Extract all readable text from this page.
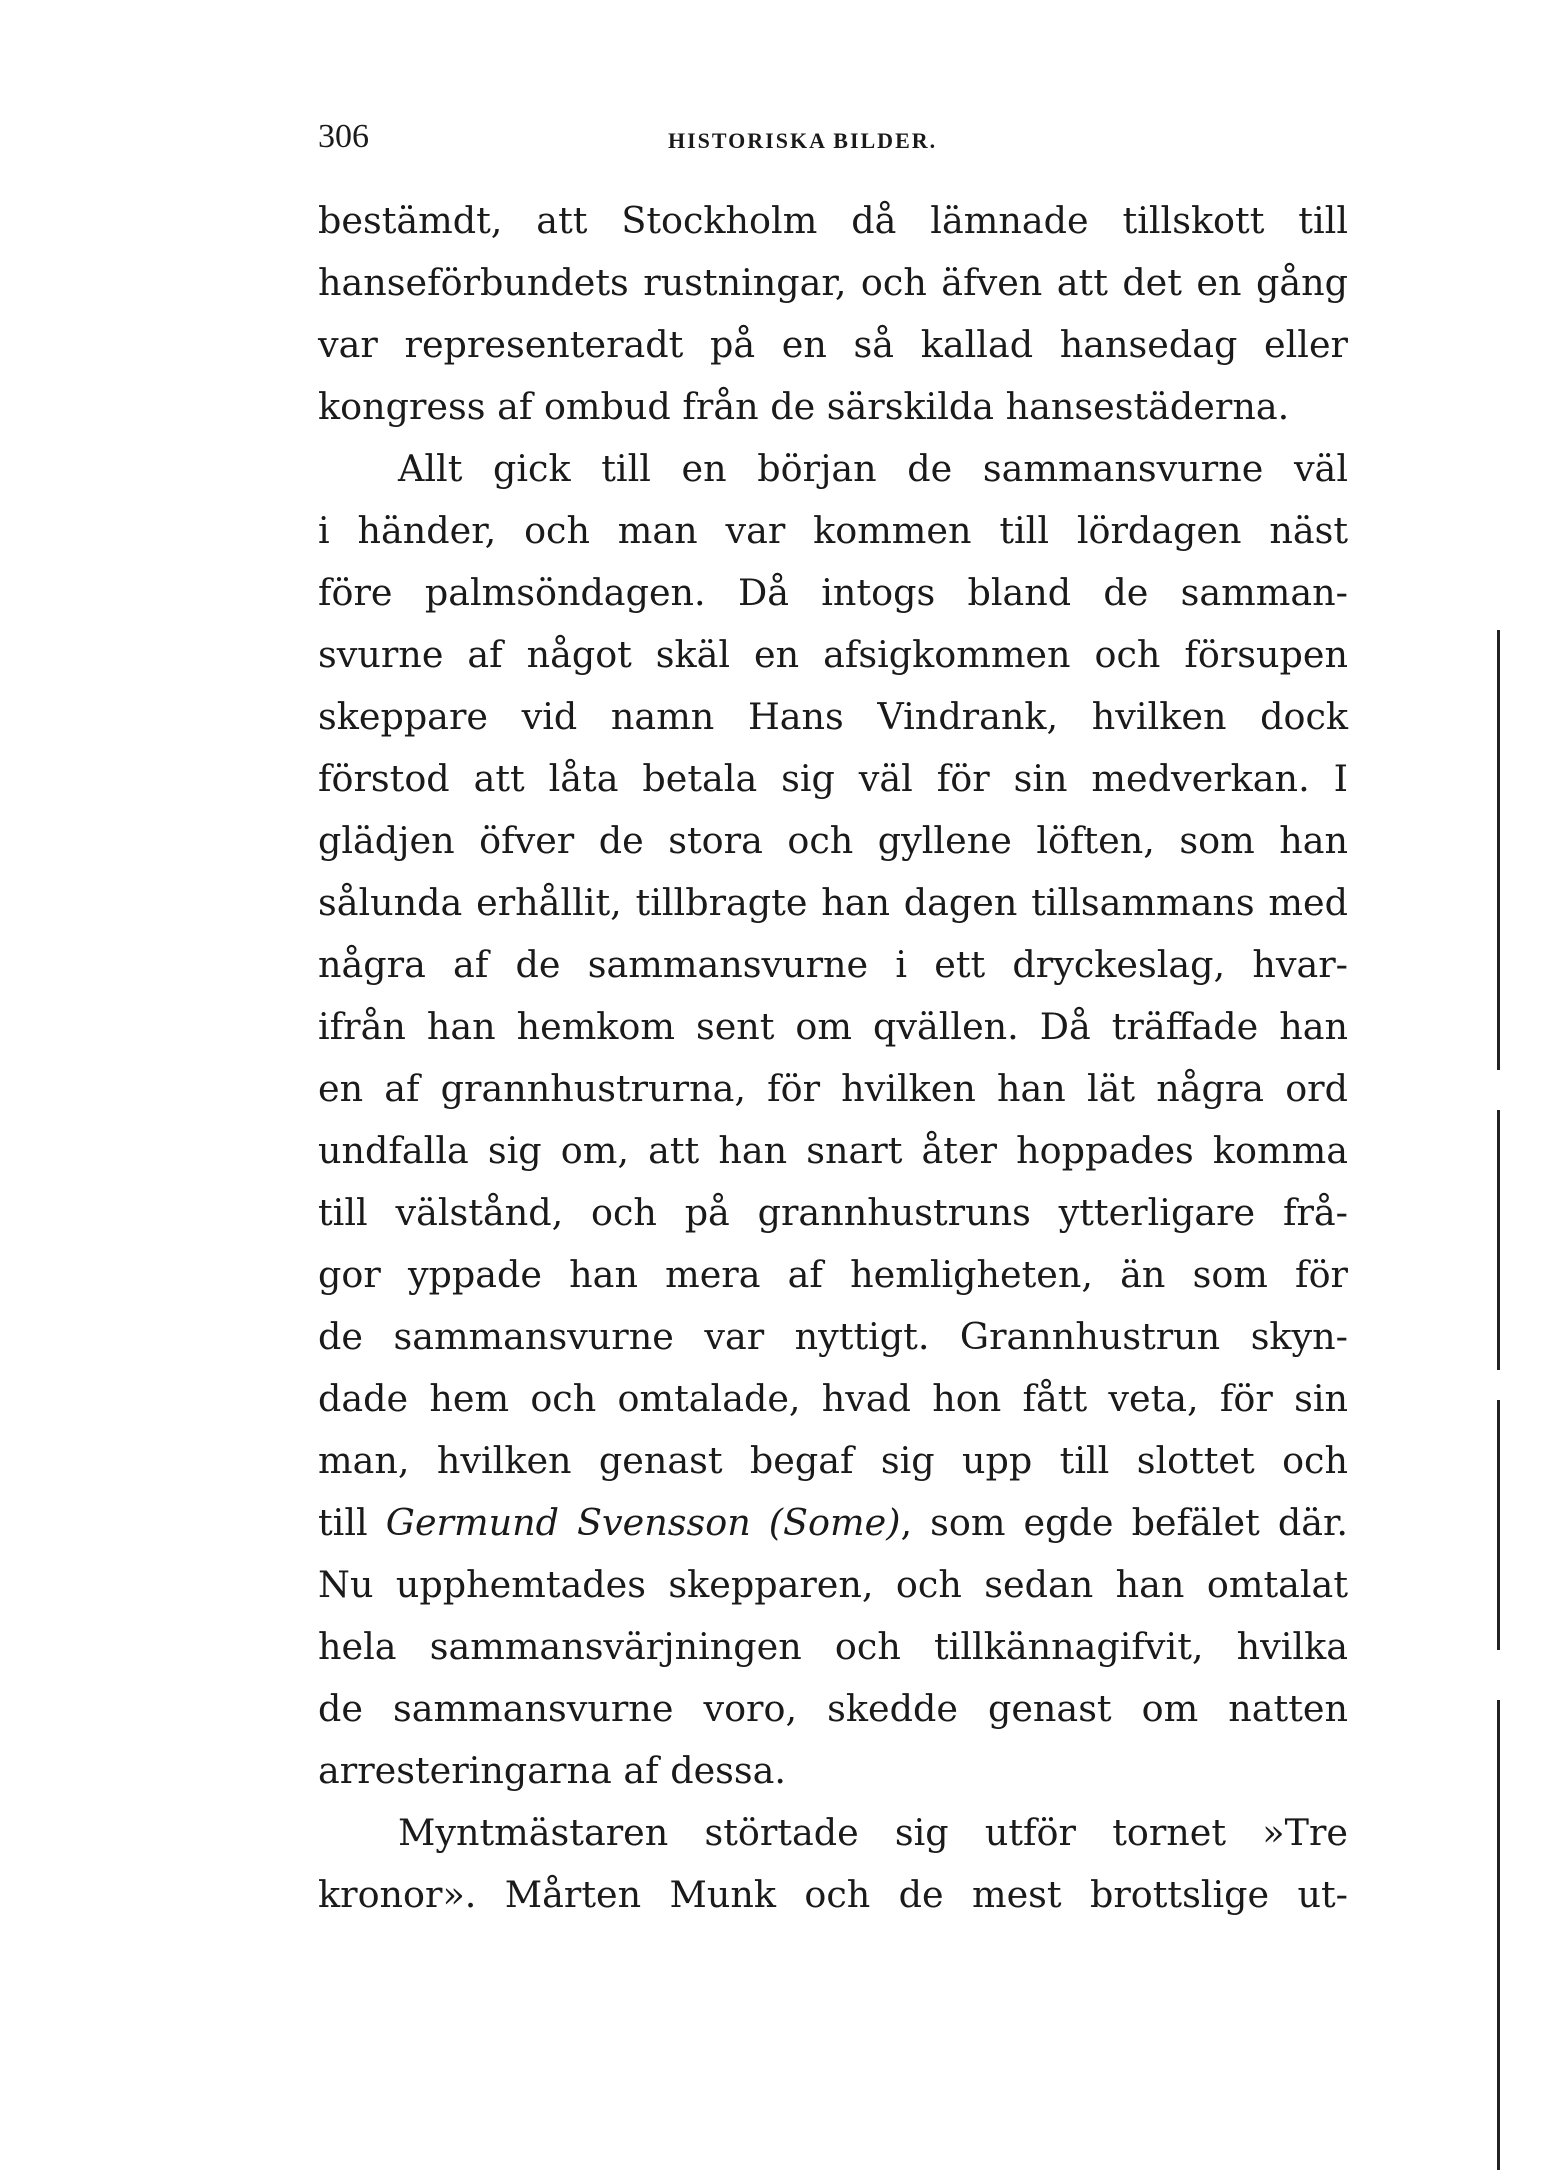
306	HISTORISKA BILDER.
bestämdt, att Stockholm då lämnade tillskott till
hanseförbundets rustningar, och äfven att det en gång
var representeradt på en så kallad hansedag eller
kongress af ombud från de särskilda hansestäderna.
Allt gick till en början de sammansvurne väl
i händer, och man var kommen till lördagen näst
före palmsöndagen. Då intogs bland de samman-
svurne af något skäl en afsigkommen och försupen
skeppare vid namn Hans Vindrank, hvilken dock
förstod att låta betala sig väl för sin medverkan. I
glädjen öfver de stora och gyllene löften, som han
sålunda erhållit, tillbragte han dagen tillsammans med
några af de sammansvurne i ett dryckeslag, hvar-
ifrån han hemkom sent om qvällen. Då träffade han
en af grannhustrurna, för hvilken han lät några ord
undfalla sig om, att han snart åter hoppades komma
till välstånd, och på grannhustruns ytterligare frå-
gor yppade han mera af hemligheten, än som för
de sammansvurne var nyttigt. Grannhustrun skyn-
dade hem och omtalade, hvad hon fått veta, för sin
man, hvilken genast begaf sig upp till slottet och
till Germund Svensson (Some), som egde befälet där.
Nu upphemtades skepparen, och sedan han omtalat
hela sammansvärjningen och tillkännagifvit, hvilka
de sammansvurne voro, skedde genast om natten
arresteringarna af dessa.
Myntmästaren störtade sig utför tornet »Tre
kronor». Mårten Munk och de mest brottslige ut-
